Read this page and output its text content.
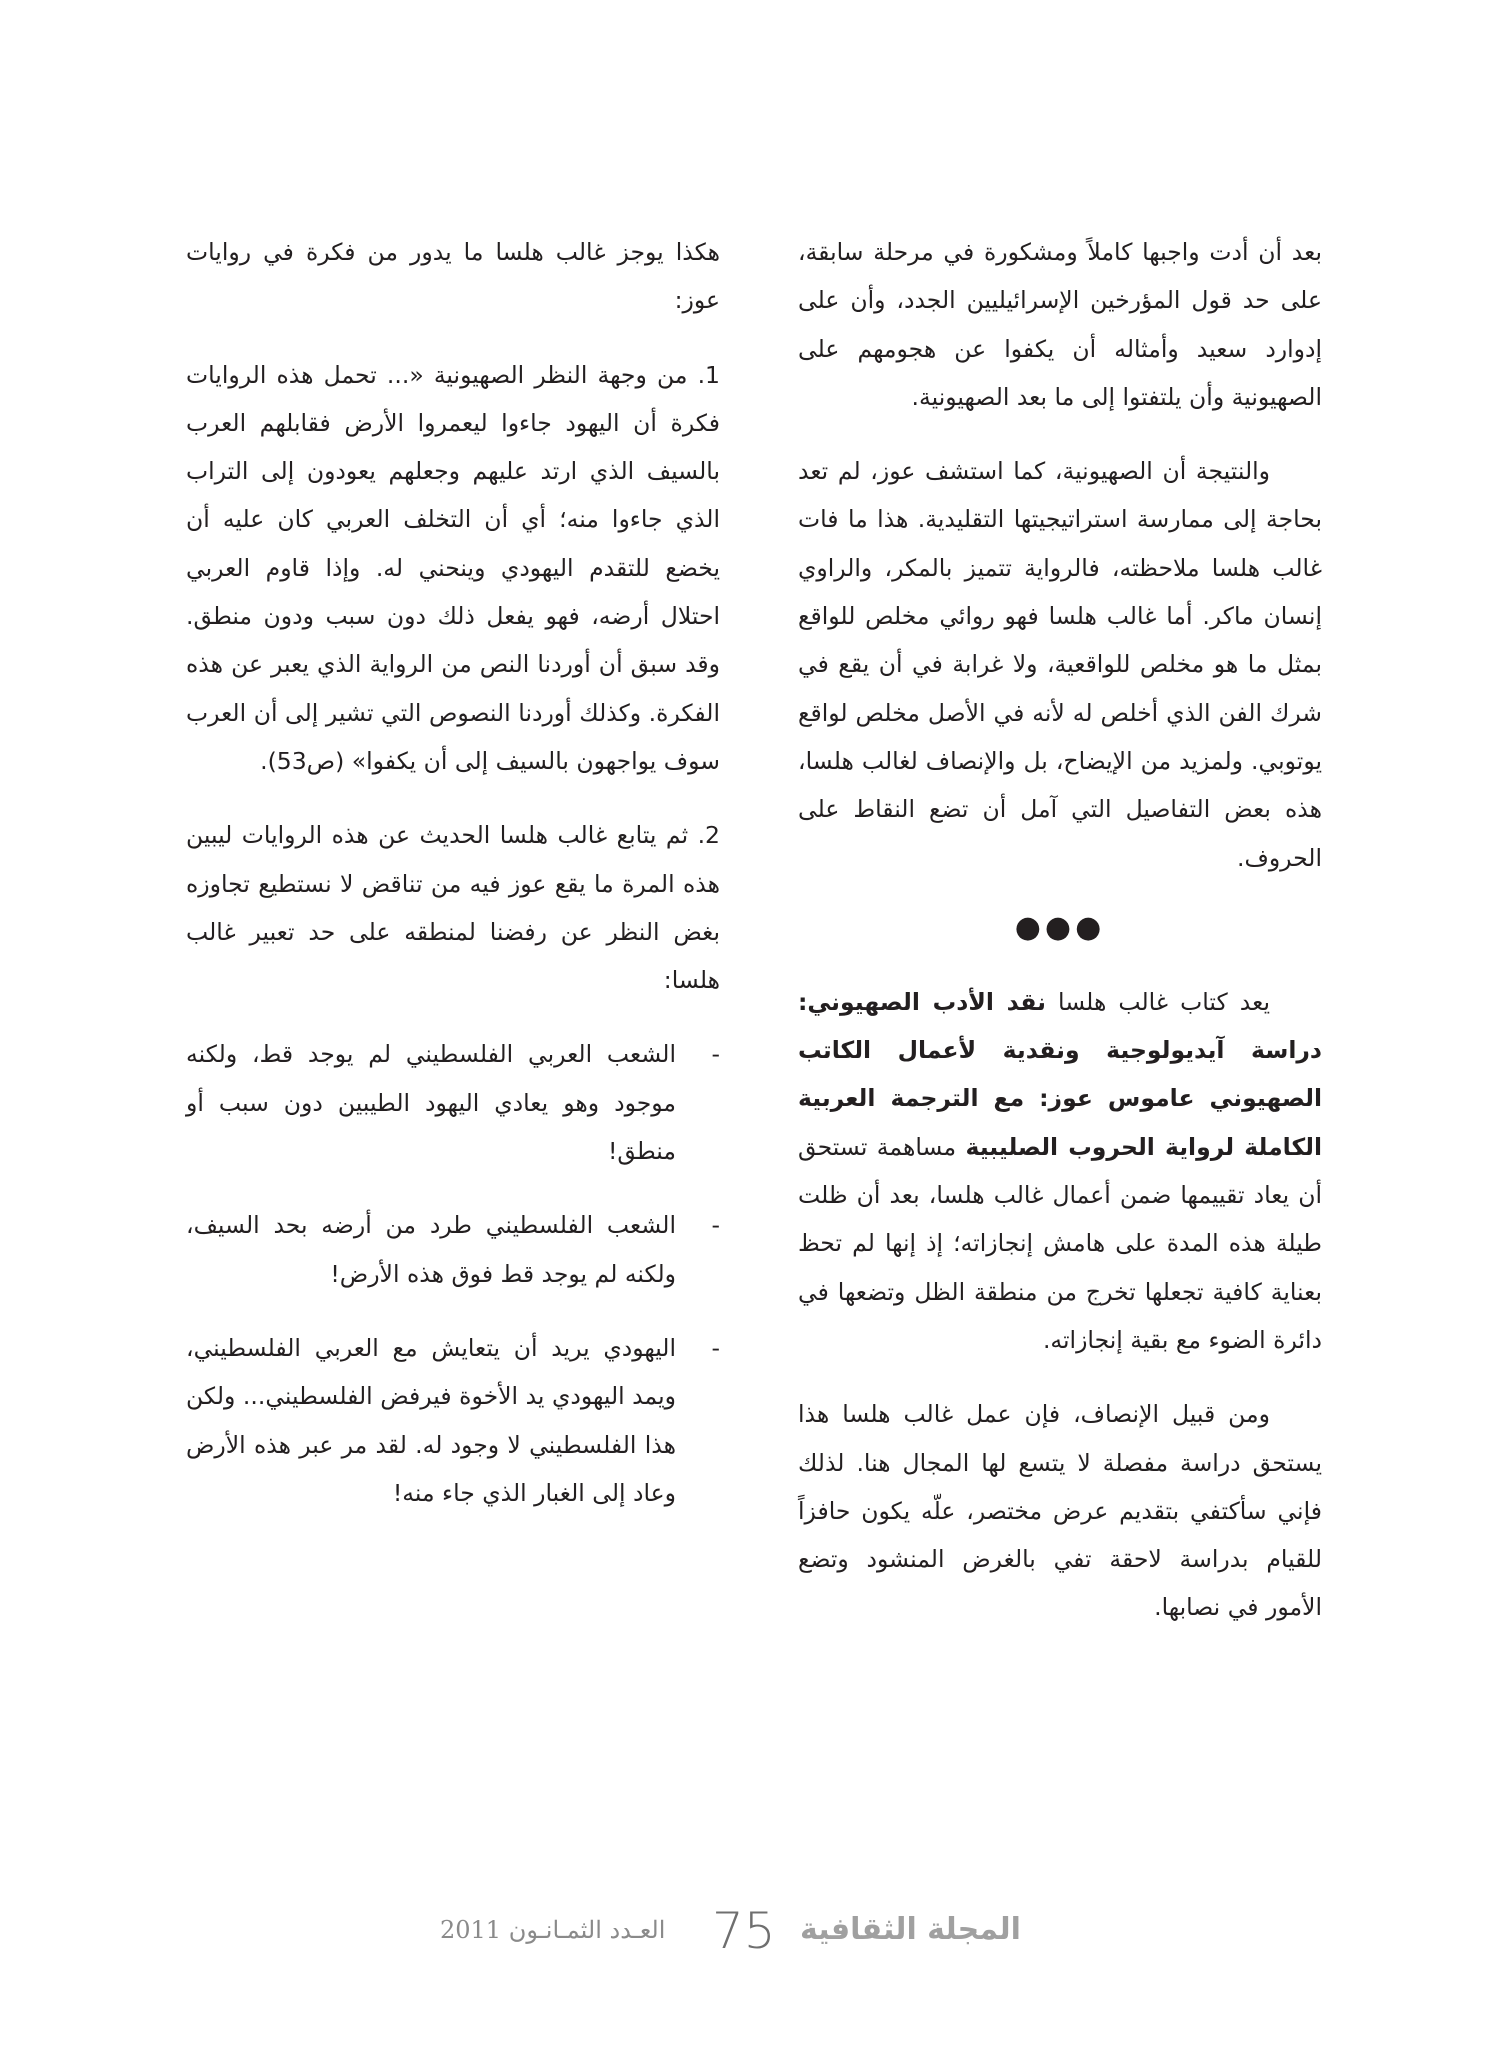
بعد أن أدت واجبها كاملاً ومشكورة في مرحلة سابقة، على حد قول المؤرخين الإسرائيليين الجدد، وأن على إدوارد سعيد وأمثاله أن يكفوا عن هجومهم على الصهيونية وأن يلتفتوا إلى ما بعد الصهيونية.

والنتيجة أن الصهيونية، كما استشف عوز، لم تعد بحاجة إلى ممارسة استراتيجيتها التقليدية. هذا ما فات غالب هلسا ملاحظته، فالرواية تتميز بالمكر، والراوي إنسان ماكر. أما غالب هلسا فهو روائي مخلص للواقع بمثل ما هو مخلص للواقعية، ولا غرابة في أن يقع في شرك الفن الذي أخلص له لأنه في الأصل مخلص لواقع يوتوبي. ولمزيد من الإيضاح، بل والإنصاف لغالب هلسا، هذه بعض التفاصيل التي آمل أن تضع النقاط على الحروف.

●●●

يعد كتاب غالب هلسا نقد الأدب الصهيوني: دراسة آيديولوجية ونقدية لأعمال الكاتب الصهيوني عاموس عوز: مع الترجمة العربية الكاملة لرواية الحروب الصليبية مساهمة تستحق أن يعاد تقييمها ضمن أعمال غالب هلسا، بعد أن ظلت طيلة هذه المدة على هامش إنجازاته؛ إذ إنها لم تحظ بعناية كافية تجعلها تخرج من منطقة الظل وتضعها في دائرة الضوء مع بقية إنجازاته.

ومن قبيل الإنصاف، فإن عمل غالب هلسا هذا يستحق دراسة مفصلة لا يتسع لها المجال هنا. لذلك فإني سأكتفي بتقديم عرض مختصر، علّه يكون حافزاً للقيام بدراسة لاحقة تفي بالغرض المنشود وتضع الأمور في نصابها.

هكذا يوجز غالب هلسا ما يدور من فكرة في روايات عوز:

1. من وجهة النظر الصهيونية «... تحمل هذه الروايات فكرة أن اليهود جاءوا ليعمروا الأرض فقابلهم العرب بالسيف الذي ارتد عليهم وجعلهم يعودون إلى التراب الذي جاءوا منه؛ أي أن التخلف العربي كان عليه أن يخضع للتقدم اليهودي وينحني له. وإذا قاوم العربي احتلال أرضه، فهو يفعل ذلك دون سبب ودون منطق. وقد سبق أن أوردنا النص من الرواية الذي يعبر عن هذه الفكرة. وكذلك أوردنا النصوص التي تشير إلى أن العرب سوف يواجهون بالسيف إلى أن يكفوا» (ص53).

2. ثم يتابع غالب هلسا الحديث عن هذه الروايات ليبين هذه المرة ما يقع عوز فيه من تناقض لا نستطيع تجاوزه بغض النظر عن رفضنا لمنطقه على حد تعبير غالب هلسا:

-
الشعب العربي الفلسطيني لم يوجد قط، ولكنه موجود وهو يعادي اليهود الطيبين دون سبب أو منطق!
-
الشعب الفلسطيني طرد من أرضه بحد السيف، ولكنه لم يوجد قط فوق هذه الأرض!
-
اليهودي يريد أن يتعايش مع العربي الفلسطيني، ويمد اليهودي يد الأخوة فيرفض الفلسطيني... ولكن هذا الفلسطيني لا وجود له. لقد مر عبر هذه الأرض وعاد إلى الغبار الذي جاء منه!
العـدد الثمـانـون 2011 75 المجلة الثقافية
